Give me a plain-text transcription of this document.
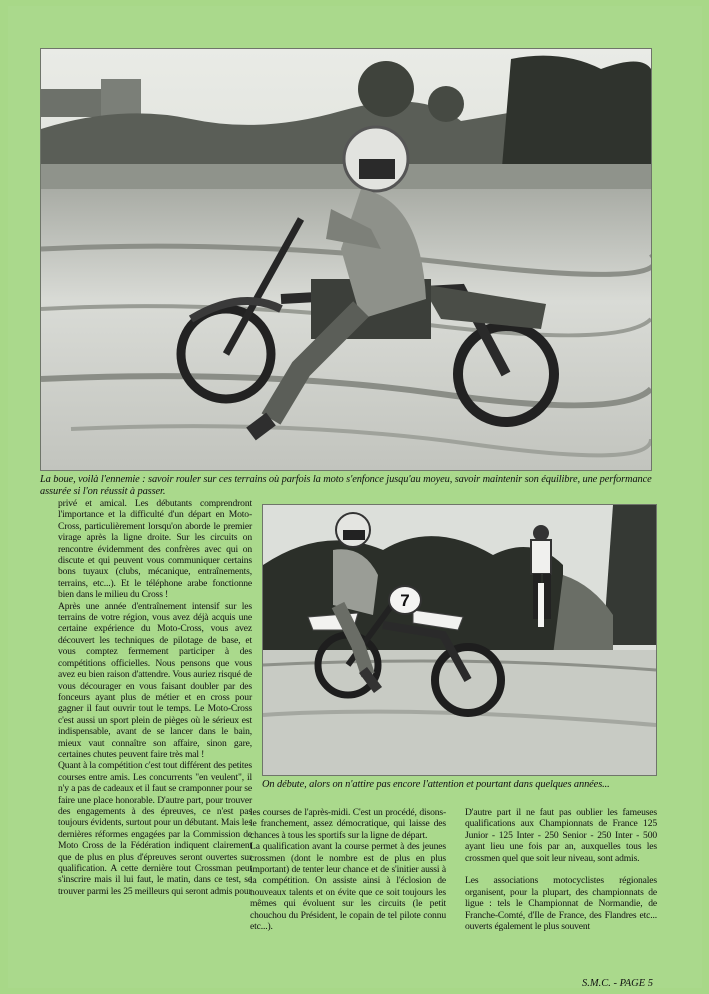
La boue, voilà l'ennemie : savoir rouler sur ces terrains où parfois la moto s'enfonce jusqu'au moyeu, savoir maintenir son équilibre, une performance assurée si l'on réussit à passer.
7
On débute, alors on n'attire pas encore l'attention et pourtant dans quelques années...
privé et amical. Les débutants comprendront l'importance et la difficulté d'un départ en Moto-Cross, particulièrement lorsqu'on aborde le premier virage après la ligne droite. Sur les circuits on rencontre évidemment des confrères avec qui on discute et qui peuvent vous communiquer certains bons tuyaux (clubs, mécanique, entraînements, terrains, etc...). Et le téléphone arabe fonctionne bien dans le milieu du Cross !
Après une année d'entraînement intensif sur les terrains de votre région, vous avez déjà acquis une certaine expérience du Moto-Cross, vous avez découvert les techniques de pilotage de base, et vous comptez fermement participer à des compétitions officielles. Nous pensons que vous avez eu bien raison d'attendre. Vous auriez risqué de vous décourager en vous faisant doubler par des fonceurs ayant plus de métier et en cross pour gagner il faut ouvrir tout le temps. Le Moto-Cross c'est aussi un sport plein de pièges où le sérieux est indispensable, avant de se lancer dans le bain, mieux vaut connaître son affaire, sinon gare, certaines chutes peuvent faire très mal !
Quant à la compétition c'est tout différent des petites courses entre amis. Les concurrents "en veulent", il n'y a pas de cadeaux et il faut se cramponner pour se faire une place honorable. D'autre part, pour trouver des engagements à des épreuves, ce n'est pas toujours évidents, surtout pour un débutant. Mais les dernières réformes engagées par la Commission de Moto Cross de la Fédération indiquent clairement que de plus en plus d'épreuves seront ouvertes sur qualification. A cette dernière tout Crossman peut s'inscrire mais il lui faut, le matin, dans ce test, se trouver parmi les 25 meilleurs qui seront admis pour
les courses de l'après-midi. C'est un procédé, disons-le franchement, assez démocratique, qui laisse des chances à tous les sportifs sur la ligne de départ.
La qualification avant la course permet à des jeunes crossmen (dont le nombre est de plus en plus important) de tenter leur chance et de s'initier aussi à la compétition. On assiste ainsi à l'éclosion de nouveaux talents et on évite que ce soit toujours les mêmes qui évoluent sur les circuits (le petit chouchou du Président, le copain de tel pilote connu etc...).
D'autre part il ne faut pas oublier les fameuses qualifications aux Championnats de France 125 Junior - 125 Inter - 250 Senior - 250 Inter - 500 ayant lieu une fois par an, auxquelles tous les crossmen quel que soit leur niveau, sont admis.

Les associations motocyclistes régionales organisent, pour la plupart, des championnats de ligue : tels le Championnat de Normandie, de Franche-Comté, d'Ile de France, des Flandres etc... ouverts également le plus souvent
S.M.C. - PAGE 5
